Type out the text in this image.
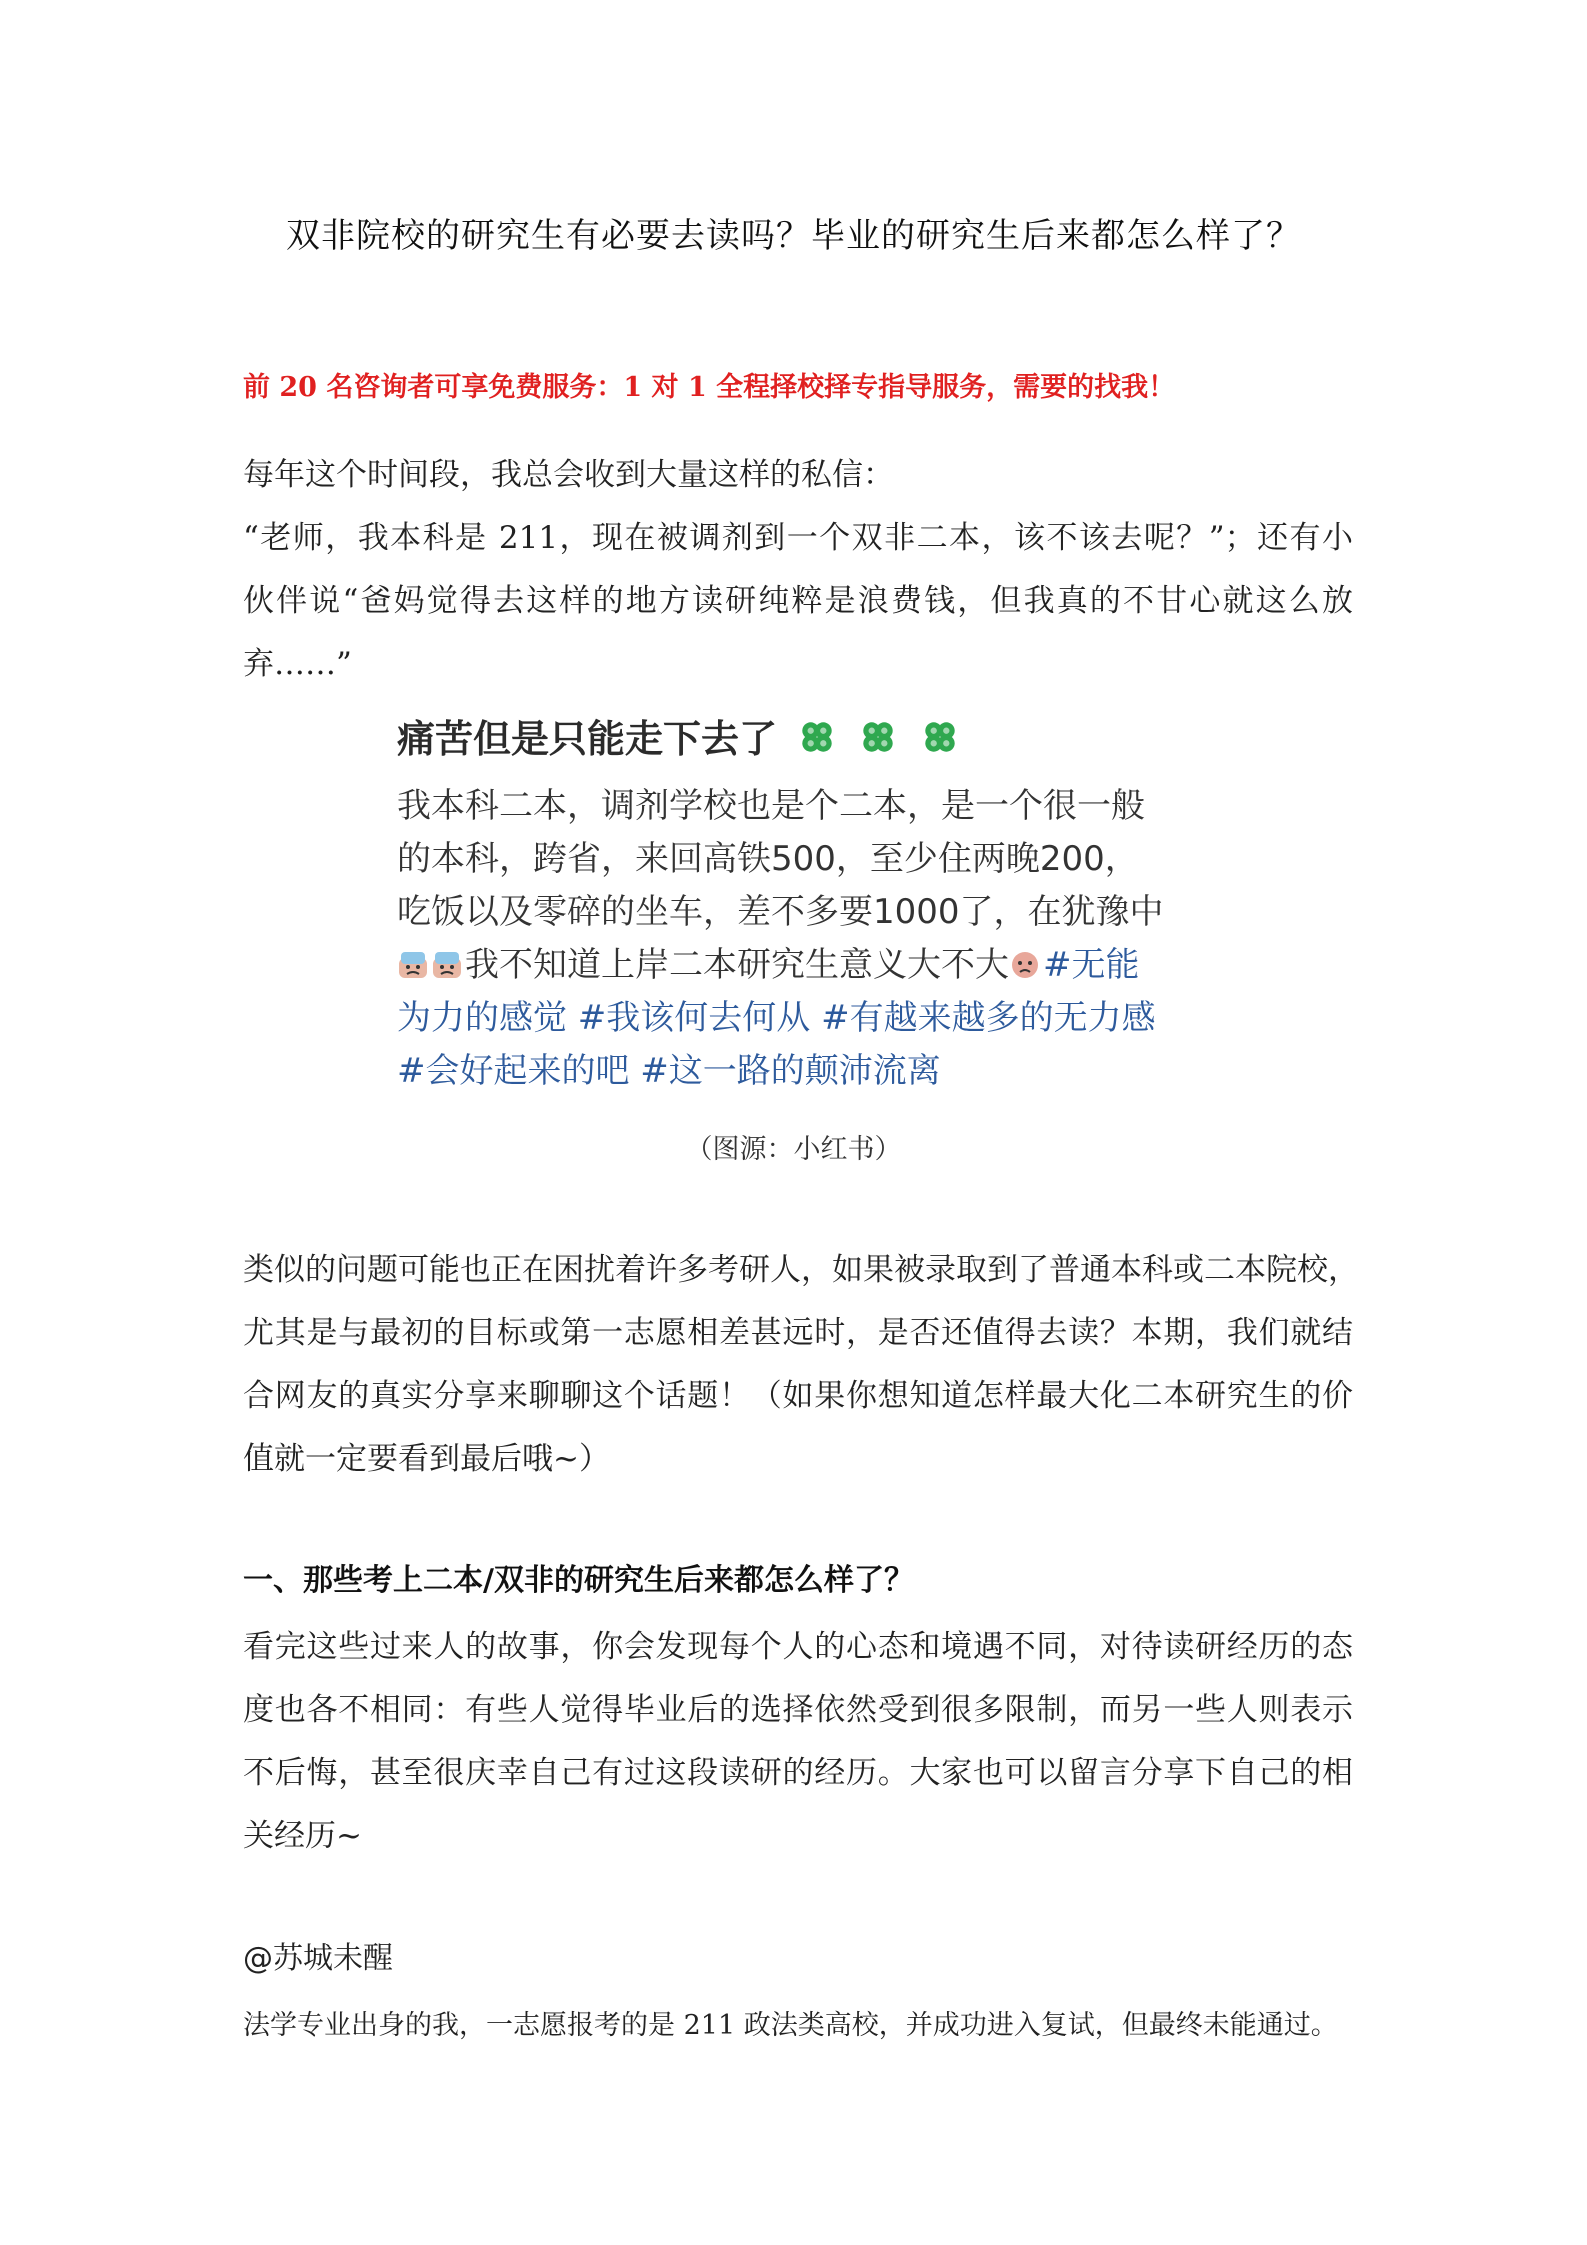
双非院校的研究生有必要去读吗？毕业的研究生后来都怎么样了？
前 20 名咨询者可享免费服务：1 对 1 全程择校择专指导服务，需要的找我！
每年这个时间段，我总会收到大量这样的私信：
“老师，我本科是 211，现在被调剂到一个双非二本，该不该去呢？”；还有小
伙伴说“爸妈觉得去这样的地方读研纯粹是浪费钱，但我真的不甘心就这么放
弃……”
痛苦但是只能走下去了
我本科二本，调剂学校也是个二本，是一个很一般
的本科，跨省，来回高铁500，至少住两晚200，
吃饭以及零碎的坐车，差不多要1000了，在犹豫中
我不知道上岸二本研究生意义大不大 #无能
为力的感觉 #我该何去何从 #有越来越多的无力感
#会好起来的吧 #这一路的颠沛流离
（图源：小红书）
类似的问题可能也正在困扰着许多考研人，如果被录取到了普通本科或二本院校，
尤其是与最初的目标或第一志愿相差甚远时，是否还值得去读？本期，我们就结
合网友的真实分享来聊聊这个话题！（如果你想知道怎样最大化二本研究生的价
值就一定要看到最后哦~）
一、那些考上二本/双非的研究生后来都怎么样了？
看完这些过来人的故事，你会发现每个人的心态和境遇不同，对待读研经历的态
度也各不相同：有些人觉得毕业后的选择依然受到很多限制，而另一些人则表示
不后悔，甚至很庆幸自己有过这段读研的经历。大家也可以留言分享下自己的相
关经历~
@苏城未醒
法学专业出身的我，一志愿报考的是 211 政法类高校，并成功进入复试，但最终未能通过。
